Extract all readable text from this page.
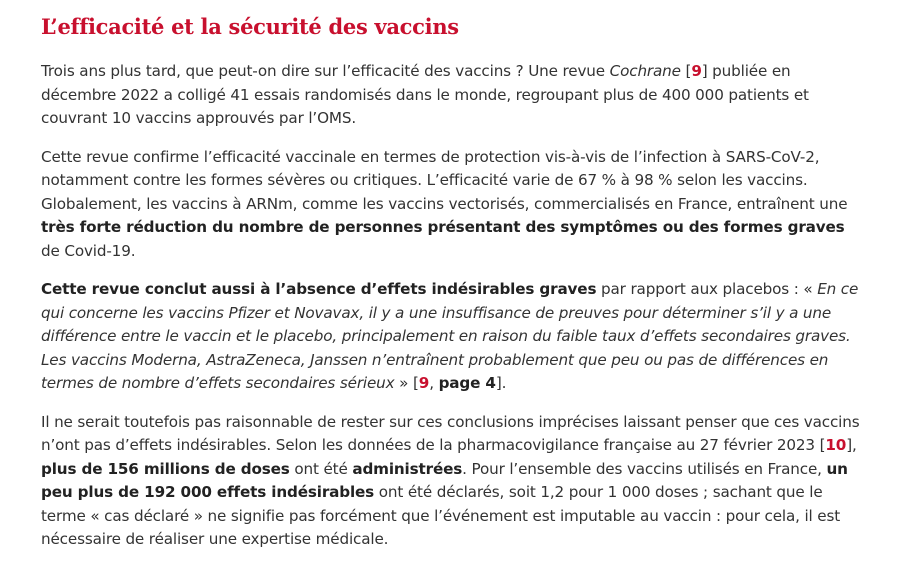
L’efficacité et la sécurité des vaccins

Trois ans plus tard, que peut-on dire sur l’efficacité des vaccins ? Une revue Cochrane [9] publiée en décembre 2022 a colligé 41 essais randomisés dans le monde, regroupant plus de 400 000 patients et couvrant 10 vaccins approuvés par l’OMS.

Cette revue confirme l’efficacité vaccinale en termes de protection vis-à-vis de l’infection à SARS-CoV-2, notamment contre les formes sévères ou critiques. L’efficacité varie de 67 % à 98 % selon les vaccins. Globalement, les vaccins à ARNm, comme les vaccins vectorisés, commercialisés en France, entraînent une très forte réduction du nombre de personnes présentant des symptômes ou des formes graves de Covid-19.

Cette revue conclut aussi à l’absence d’effets indésirables graves par rapport aux placebos : « En ce qui concerne les vaccins Pfizer et Novavax, il y a une insuffisance de preuves pour déterminer s’il y a une différence entre le vaccin et le placebo, principalement en raison du faible taux d’effets secondaires graves. Les vaccins Moderna, AstraZeneca, Janssen n’entraînent probablement que peu ou pas de différences en termes de nombre d’effets secondaires sérieux » [9, page 4].

Il ne serait toutefois pas raisonnable de rester sur ces conclusions imprécises laissant penser que ces vaccins n’ont pas d’effets indésirables. Selon les données de la pharmacovigilance française au 27 février 2023 [10], plus de 156 millions de doses ont été administrées. Pour l’ensemble des vaccins utilisés en France, un peu plus de 192 000 effets indésirables ont été déclarés, soit 1,2 pour 1 000 doses ; sachant que le terme « cas déclaré » ne signifie pas forcément que l’événement est imputable au vaccin : pour cela, il est nécessaire de réaliser une expertise médicale.
